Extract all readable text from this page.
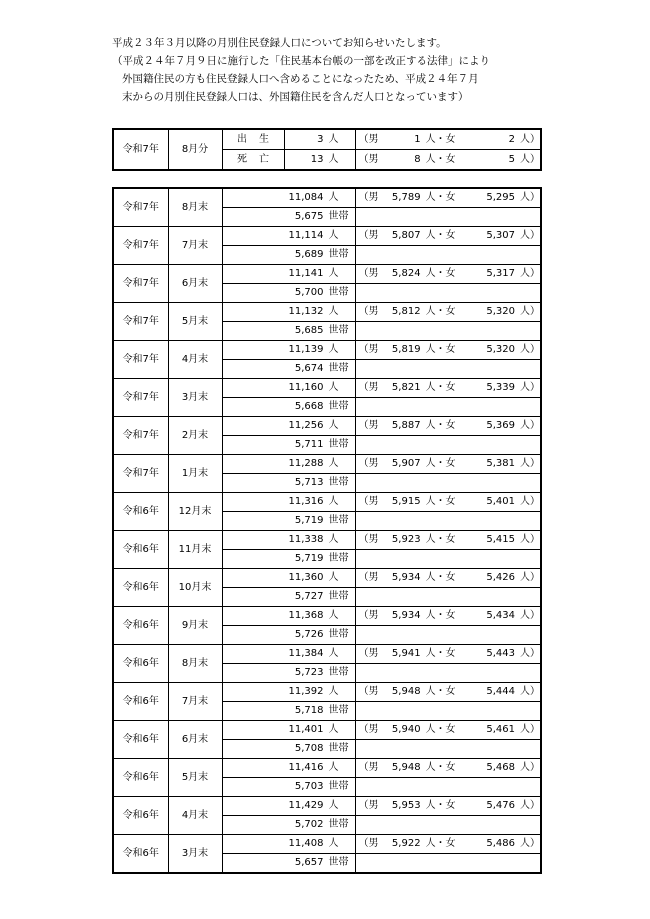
平成２３年３月以降の月別住民登録人口についてお知らせいたします。
（平成２４年７月９日に施行した「住民基本台帳の一部を改正する法律」により
外国籍住民の方も住民登録人口へ含めることになったため、平成２４年７月
末からの月別住民登録人口は、外国籍住民を含んだ人口となっています）
令和7年	8月分	出生	3 人	（男 1 人・女 2 人）

		死亡	13 人	（男 8 人・女 5 人）
令和7年	8月末	11,084 人	（男 5,789 人・女 5,295 人）

		5,675 世帯	
令和7年	7月末	11,114 人	（男 5,807 人・女 5,307 人）

		5,689 世帯	
令和7年	6月末	11,141 人	（男 5,824 人・女 5,317 人）

		5,700 世帯	
令和7年	5月末	11,132 人	（男 5,812 人・女 5,320 人）

		5,685 世帯	
令和7年	4月末	11,139 人	（男 5,819 人・女 5,320 人）

		5,674 世帯	
令和7年	3月末	11,160 人	（男 5,821 人・女 5,339 人）

		5,668 世帯	
令和7年	2月末	11,256 人	（男 5,887 人・女 5,369 人）

		5,711 世帯	
令和7年	1月末	11,288 人	（男 5,907 人・女 5,381 人）

		5,713 世帯	
令和6年	12月末	11,316 人	（男 5,915 人・女 5,401 人）

		5,719 世帯	
令和6年	11月末	11,338 人	（男 5,923 人・女 5,415 人）

		5,719 世帯	
令和6年	10月末	11,360 人	（男 5,934 人・女 5,426 人）

		5,727 世帯	
令和6年	9月末	11,368 人	（男 5,934 人・女 5,434 人）

		5,726 世帯	
令和6年	8月末	11,384 人	（男 5,941 人・女 5,443 人）

		5,723 世帯	
令和6年	7月末	11,392 人	（男 5,948 人・女 5,444 人）

		5,718 世帯	
令和6年	6月末	11,401 人	（男 5,940 人・女 5,461 人）

		5,708 世帯	
令和6年	5月末	11,416 人	（男 5,948 人・女 5,468 人）

		5,703 世帯	
令和6年	4月末	11,429 人	（男 5,953 人・女 5,476 人）

		5,702 世帯	
令和6年	3月末	11,408 人	（男 5,922 人・女 5,486 人）

		5,657 世帯	
